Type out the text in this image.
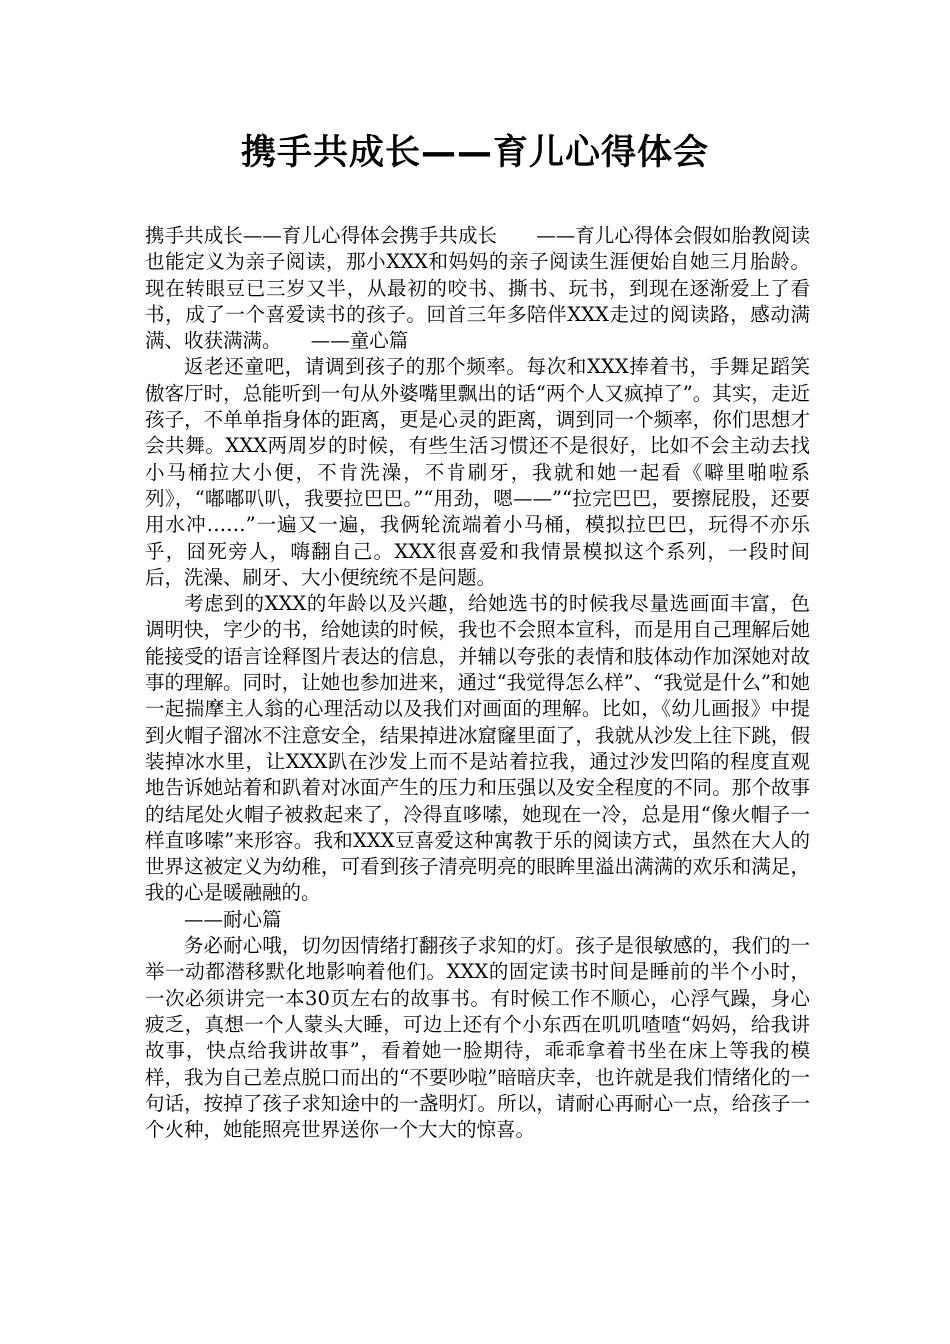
携手共成长——育儿心得体会

携手共成长——育儿心得体会携手共成长　　——育儿心得体会假如胎教阅读也能定义为亲子阅读，那小XXX和妈妈的亲子阅读生涯便始自她三月胎龄。现在转眼豆已三岁又半，从最初的咬书、撕书、玩书，到现在逐渐爱上了看书，成了一个喜爱读书的孩子。回首三年多陪伴XXX走过的阅读路，感动满满、收获满满。　　——童心篇

返老还童吧，请调到孩子的那个频率。每次和XXX捧着书，手舞足蹈笑傲客厅时，总能听到一句从外婆嘴里飘出的话“两个人又疯掉了”。其实，走近孩子，不单单指身体的距离，更是心灵的距离，调到同一个频率，你们思想才会共舞。XXX两周岁的时候，有些生活习惯还不是很好，比如不会主动去找小马桶拉大小便，不肯洗澡，不肯刷牙，我就和她一起看《噼里啪啦系列》，“嘟嘟叭叭，我要拉巴巴。”“用劲，嗯——”“拉完巴巴，要擦屁股，还要用水冲……”一遍又一遍，我俩轮流端着小马桶，模拟拉巴巴，玩得不亦乐乎，囧死旁人，嗨翻自己。XXX很喜爱和我情景模拟这个系列，一段时间后，洗澡、刷牙、大小便统统不是问题。

考虑到的XXX的年龄以及兴趣，给她选书的时候我尽量选画面丰富，色调明快，字少的书，给她读的时候，我也不会照本宣科，而是用自己理解后她能接受的语言诠释图片表达的信息，并辅以夸张的表情和肢体动作加深她对故事的理解。同时，让她也参加进来，通过“我觉得怎么样”、“我觉是什么”和她一起揣摩主人翁的心理活动以及我们对画面的理解。比如，《幼儿画报》中提到火帽子溜冰不注意安全，结果掉进冰窟窿里面了，我就从沙发上往下跳，假装掉冰水里，让XXX趴在沙发上而不是站着拉我，通过沙发凹陷的程度直观地告诉她站着和趴着对冰面产生的压力和压强以及安全程度的不同。那个故事的结尾处火帽子被救起来了，冷得直哆嗦，她现在一冷，总是用“像火帽子一样直哆嗦”来形容。我和XXX豆喜爱这种寓教于乐的阅读方式，虽然在大人的世界这被定义为幼稚，可看到孩子清亮明亮的眼眸里溢出满满的欢乐和满足，我的心是暖融融的。

——耐心篇

务必耐心哦，切勿因情绪打翻孩子求知的灯。孩子是很敏感的，我们的一举一动都潜移默化地影响着他们。XXX的固定读书时间是睡前的半个小时，一次必须讲完一本30页左右的故事书。有时候工作不顺心，心浮气躁，身心疲乏，真想一个人蒙头大睡，可边上还有个小东西在叽叽喳喳“妈妈，给我讲故事，快点给我讲故事”，看着她一脸期待，乖乖拿着书坐在床上等我的模样，我为自己差点脱口而出的“不要吵啦”暗暗庆幸，也许就是我们情绪化的一句话，按掉了孩子求知途中的一盏明灯。所以，请耐心再耐心一点，给孩子一个火种，她能照亮世界送你一个大大的惊喜。
